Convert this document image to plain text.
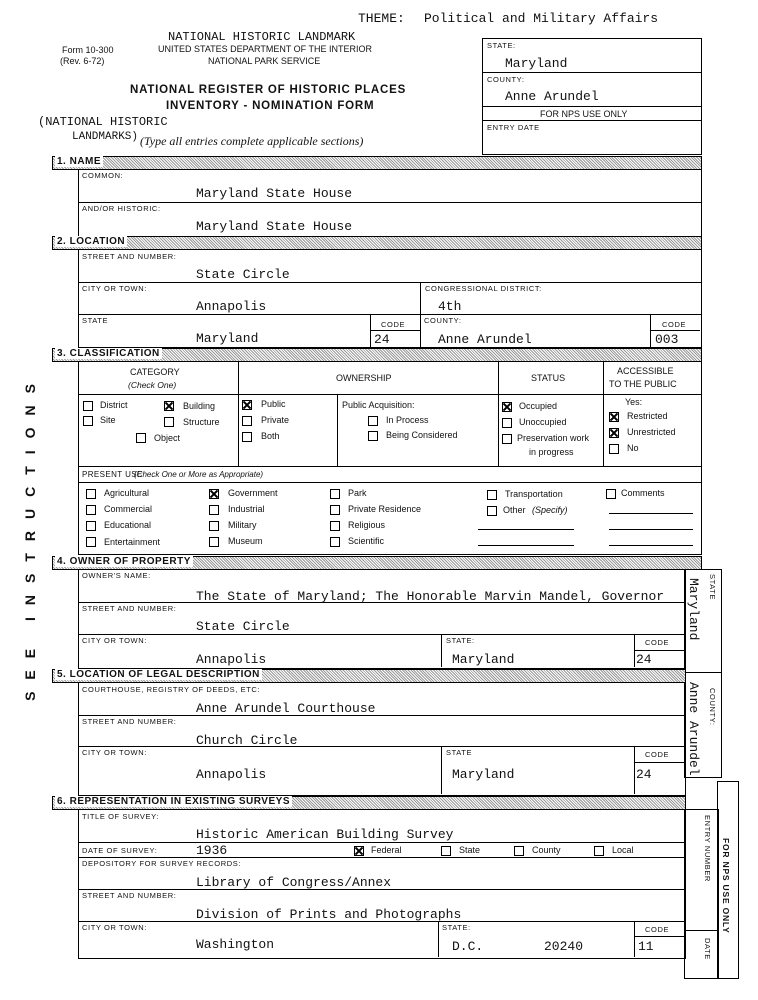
THEME: Political and Military Affairs
Form 10-300
(Rev. 6-72)
NATIONAL HISTORIC LANDMARK
UNITED STATES DEPARTMENT OF THE INTERIOR
NATIONAL PARK SERVICE
NATIONAL REGISTER OF HISTORIC PLACES
INVENTORY - NOMINATION FORM
(NATIONAL HISTORIC
LANDMARKS) (Type all entries complete applicable sections)
STATE:
Maryland
COUNTY:
Anne Arundel
FOR NPS USE ONLY
ENTRY DATE
SEE INSTRUCTIONS
1. NAME
COMMON:
Maryland State House
AND/OR HISTORIC:
Maryland State House
2. LOCATION
STREET AND NUMBER:
State Circle
CITY OR TOWN:
Annapolis
CONGRESSIONAL DISTRICT:
4th
STATE
Maryland
CODE
24
COUNTY:
Anne Arundel
CODE
003
3. CLASSIFICATION
CATEGORY
(Check One)
OWNERSHIP	STATUS
ACCESSIBLE
TO THE PUBLIC
District	Building
Site	Structure
Object
Public
Private
Both
Public Acquisition:
In Process
Being Considered
Occupied
Unoccupied
Preservation work
in progress
Yes:
Restricted
Unrestricted
No
PRESENT USE
(Check One or More as Appropriate)
Agricultural
Commercial
Educational
Entertainment
Government
Industrial
Military
Museum
Park
Private Residence
Religious
Scientific
Transportation
Other (Specify)
Comments
4. OWNER OF PROPERTY
OWNER'S NAME:
The State of Maryland; The Honorable Marvin Mandel, Governor
STREET AND NUMBER:
State Circle
CITY OR TOWN:
Annapolis
STATE:
Maryland
CODE
24
Maryland STATE
Anne Arundel COUNTY:
5. LOCATION OF LEGAL DESCRIPTION
COURTHOUSE, REGISTRY OF DEEDS, ETC:
Anne Arundel Courthouse
STREET AND NUMBER:
Church Circle
CITY OR TOWN:
Annapolis
STATE
Maryland
CODE
24
6. REPRESENTATION IN EXISTING SURVEYS
TITLE OF SURVEY:
Historic American Building Survey
DATE OF SURVEY:	1936	Federal	State	County	Local
DEPOSITORY FOR SURVEY RECORDS:
Library of Congress/Annex
STREET AND NUMBER:
Division of Prints and Photographs
CITY OR TOWN:
Washington
STATE:
D.C.	20240
CODE
11
ENTRY NUMBER
DATE
FOR NPS USE ONLY
